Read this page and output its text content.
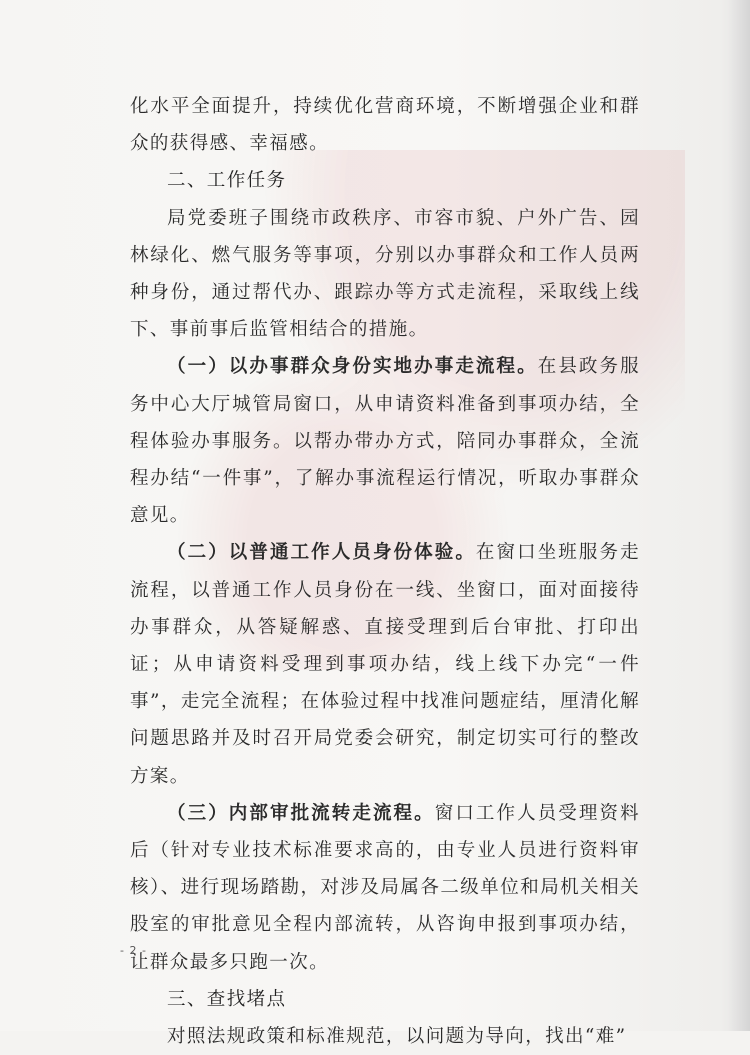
化水平全面提升，持续优化营商环境，不断增强企业和群众的获得感、幸福感。

二、工作任务

局党委班子围绕市政秩序、市容市貌、户外广告、园林绿化、燃气服务等事项，分别以办事群众和工作人员两种身份，通过帮代办、跟踪办等方式走流程，采取线上线下、事前事后监管相结合的措施。

（一）以办事群众身份实地办事走流程。在县政务服务中心大厅城管局窗口，从申请资料准备到事项办结，全程体验办事服务。以帮办带办方式，陪同办事群众，全流程办结“一件事”，了解办事流程运行情况，听取办事群众意见。

（二）以普通工作人员身份体验。在窗口坐班服务走流程，以普通工作人员身份在一线、坐窗口，面对面接待办事群众，从答疑解惑、直接受理到后台审批、打印出证；从申请资料受理到事项办结，线上线下办完“一件事”，走完全流程；在体验过程中找准问题症结，厘清化解问题思路并及时召开局党委会研究，制定切实可行的整改方案。

（三）内部审批流转走流程。窗口工作人员受理资料后（针对专业技术标准要求高的，由专业人员进行资料审核）、进行现场踏勘，对涉及局属各二级单位和局机关相关股室的审批意见全程内部流转，从咨询申报到事项办结，让群众最多只跑一次。

三、查找堵点

对照法规政策和标准规范，以问题为导向，找出“难”

- 2 -
